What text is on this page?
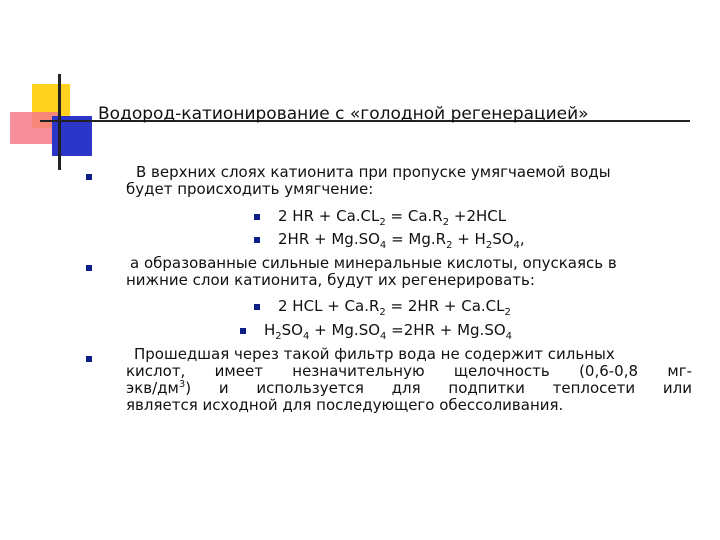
Водород-катионирование с «голодной регенерацией»
В верхних слоях катионита при пропуске умягчаемой воды
будет происходить умягчение:
2 HR + $Ca.CL_2 = Ca.R_2 +2HCL$
$2HR + Mg.SO_4 = Mg.R_2 + H_2SO_4$,
а образованные сильные минеральные кислоты, опускаясь в
нижние слои катионита, будут их регенерировать:
2 HCL + $Ca.R_2 = 2HR + Ca.CL_2$
$H_2SO_4 + Mg.SO_4 =2HR + Mg.SO_4$
Прошедшая через такой фильтр вода не содержит сильных
кислот, имеет незначительную щелочность (0,6-0,8 мг-
экв/$дм^3$) и используется для подпитки теплосети или
является исходной для последующего обессоливания.
